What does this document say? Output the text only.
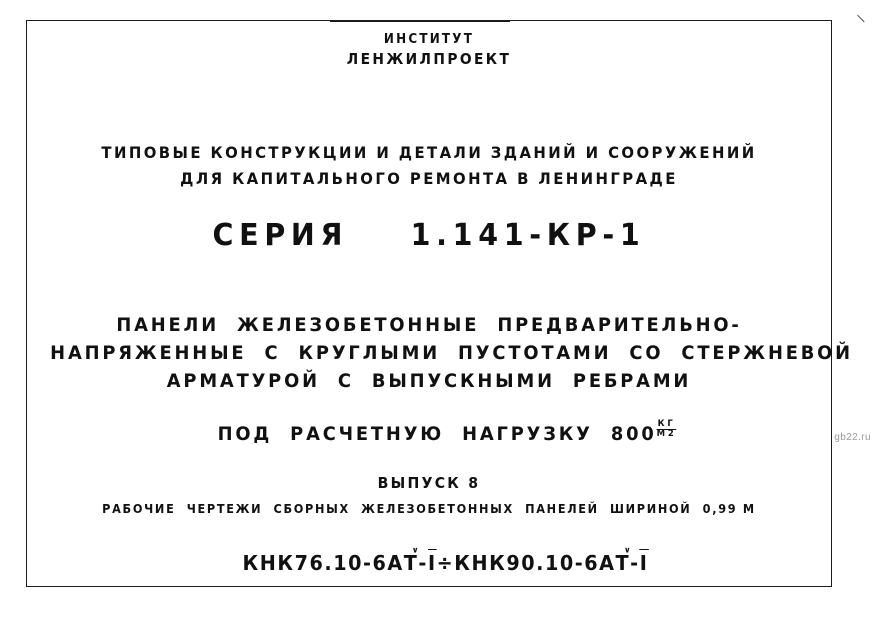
\
ИНСТИТУТ
ЛЕНЖИЛПРОЕКТ
ТИПОВЫЕ КОНСТРУКЦИИ И ДЕТАЛИ ЗДАНИЙ И СООРУЖЕНИЙ
ДЛЯ КАПИТАЛЬНОГО РЕМОНТА В ЛЕНИНГРАДЕ
СЕРИЯ    1.141-КР-1
ПАНЕЛИ  ЖЕЛЕЗОБЕТОННЫЕ  ПРЕДВАРИТЕЛЬНО-
НАПРЯЖЕННЫЕ  С  КРУГЛЫМИ  ПУСТОТАМИ  СО  СТЕРЖНЕВОЙ
АРМАТУРОЙ  С  ВЫПУСКНЫМИ  РЕБРАМИ

ПОД  РАСЧЕТНУЮ  НАГРУЗКУ  $800 \frac{КГ}{М2}$

ВЫПУСК 8
РАБОЧИЕ  ЧЕРТЕЖИ  СБОРНЫХ  ЖЕЛЕЗОБЕТОННЫХ  ПАНЕЛЕЙ  ШИРИНОЙ  0,99 М

КНК76.10-6А∨ Т-I÷КНК90.10-6А∨ Т-I

gb22.ru
